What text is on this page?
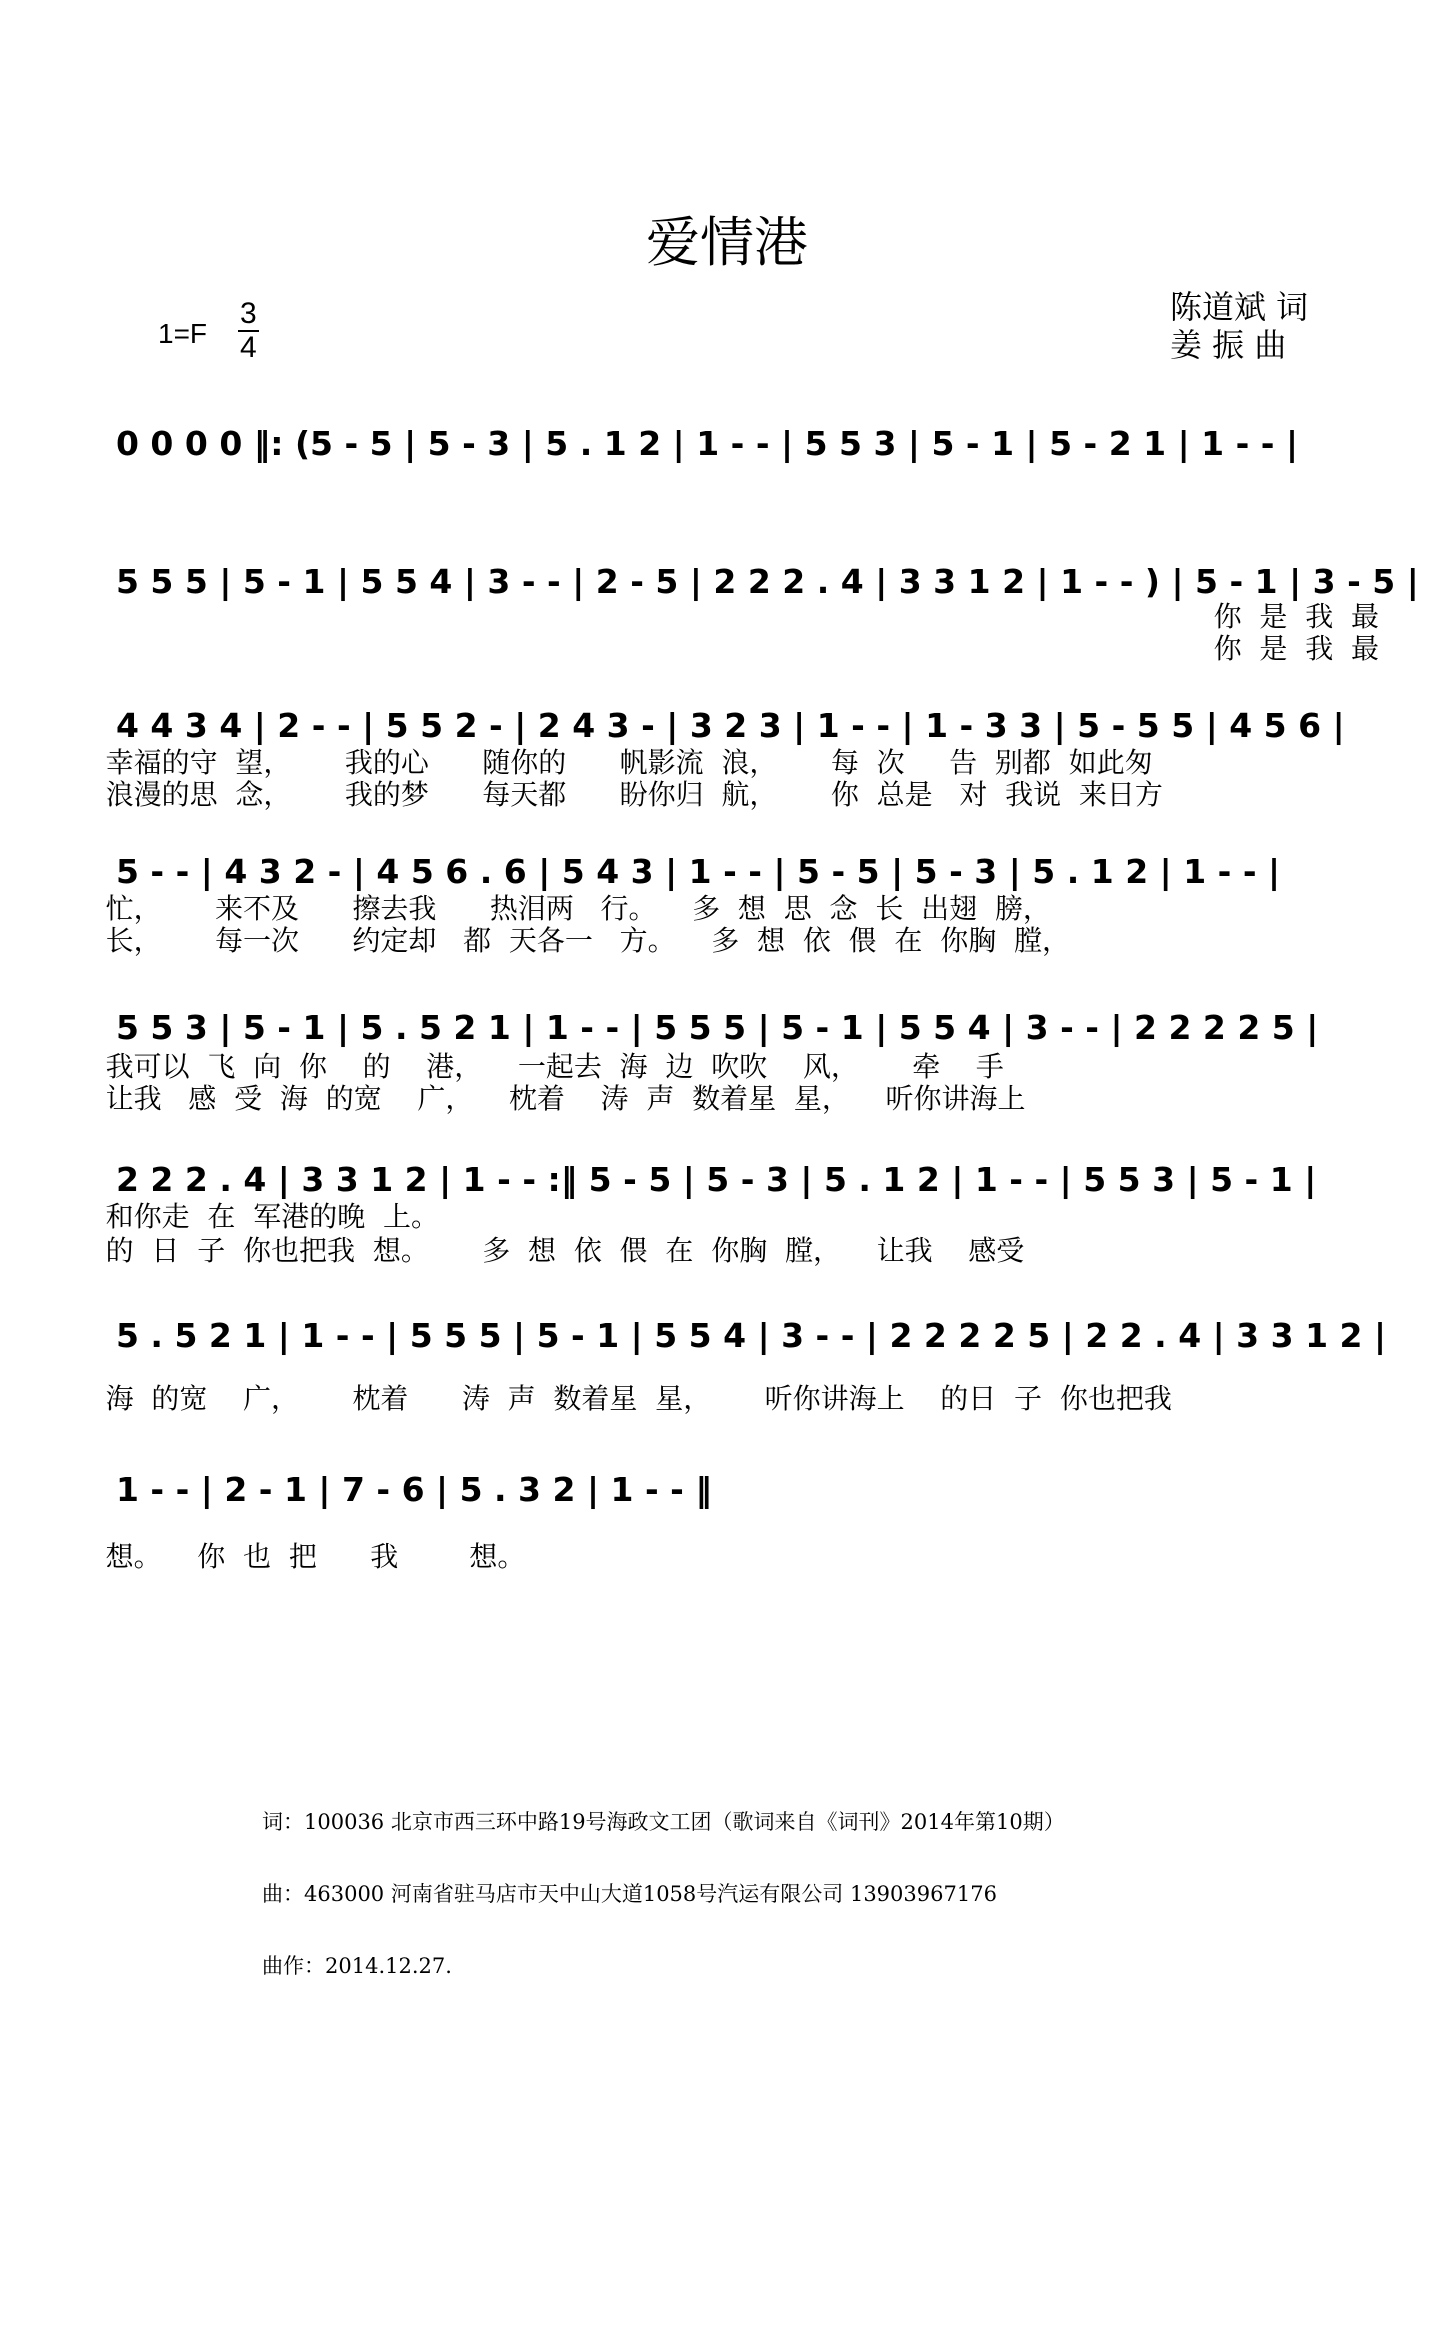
爱情港
陈道斌 词
姜 振 曲
1=F
3
4

0 0 0 0 ‖: (5 - 5 | 5 - 3 | 5 . 1 2 | 1 - - | 5 5 3 | 5 - 1 | 5 - 2 1 | 1 - - |

5 5 5 | 5 - 1 | 5 5 4 | 3 - - | 2 - 5 | 2 2 2 . 4 | 3 3 1 2 | 1 - - ) | 5 - 1 | 3 - 5 |

你  是  我  最

你  是  我  最

4 4 3 4 | 2 - - | 5 5 2 - | 2 4 3 - | 3 2 3 | 1 - - | 1 - 3 3 | 5 - 5 5 | 4 5 6 |

幸福的守  望，      我的心      随你的      帆影流  浪，      每  次     告  别都  如此匆

浪漫的思  念，      我的梦      每天都      盼你归  航，      你  总是   对  我说  来日方

5 - - | 4 3 2 - | 4 5 6 . 6 | 5 4 3 | 1 - - | 5 - 5 | 5 - 3 | 5 . 1 2 | 1 - - |

忙，      来不及      擦去我      热泪两   行。    多  想  思  念  长  出翅  膀，

长，      每一次      约定却   都  天各一   方。    多  想  依  偎  在  你胸  膛，

5 5 3 | 5 - 1 | 5 . 5 2 1 | 1 - - | 5 5 5 | 5 - 1 | 5 5 4 | 3 - - | 2 2 2 2 5 |

我可以  飞  向  你    的    港，    一起去  海  边  吹吹    风，      牵    手

让我   感  受  海  的宽    广，    枕着    涛  声  数着星  星，    听你讲海上

2 2 2 . 4 | 3 3 1 2 | 1 - - :‖ 5 - 5 | 5 - 3 | 5 . 1 2 | 1 - - | 5 5 3 | 5 - 1 |

和你走  在  军港的晚  上。

的  日  子  你也把我  想。      多  想  依  偎  在  你胸  膛，    让我    感受

5 . 5 2 1 | 1 - - | 5 5 5 | 5 - 1 | 5 5 4 | 3 - - | 2 2 2 2 5 | 2 2 . 4 | 3 3 1 2 |

海  的宽    广，      枕着      涛  声  数着星  星，      听你讲海上    的日  子  你也把我

1 - - | 2 - 1 | 7 - 6 | 5 . 3 2 | 1 - - ‖

想。    你  也  把      我        想。

词：100036 北京市西三环中路19号海政文工团（歌词来自《词刊》2014年第10期）

曲：463000 河南省驻马店市天中山大道1058号汽运有限公司 13903967176

曲作：2014.12.27.
